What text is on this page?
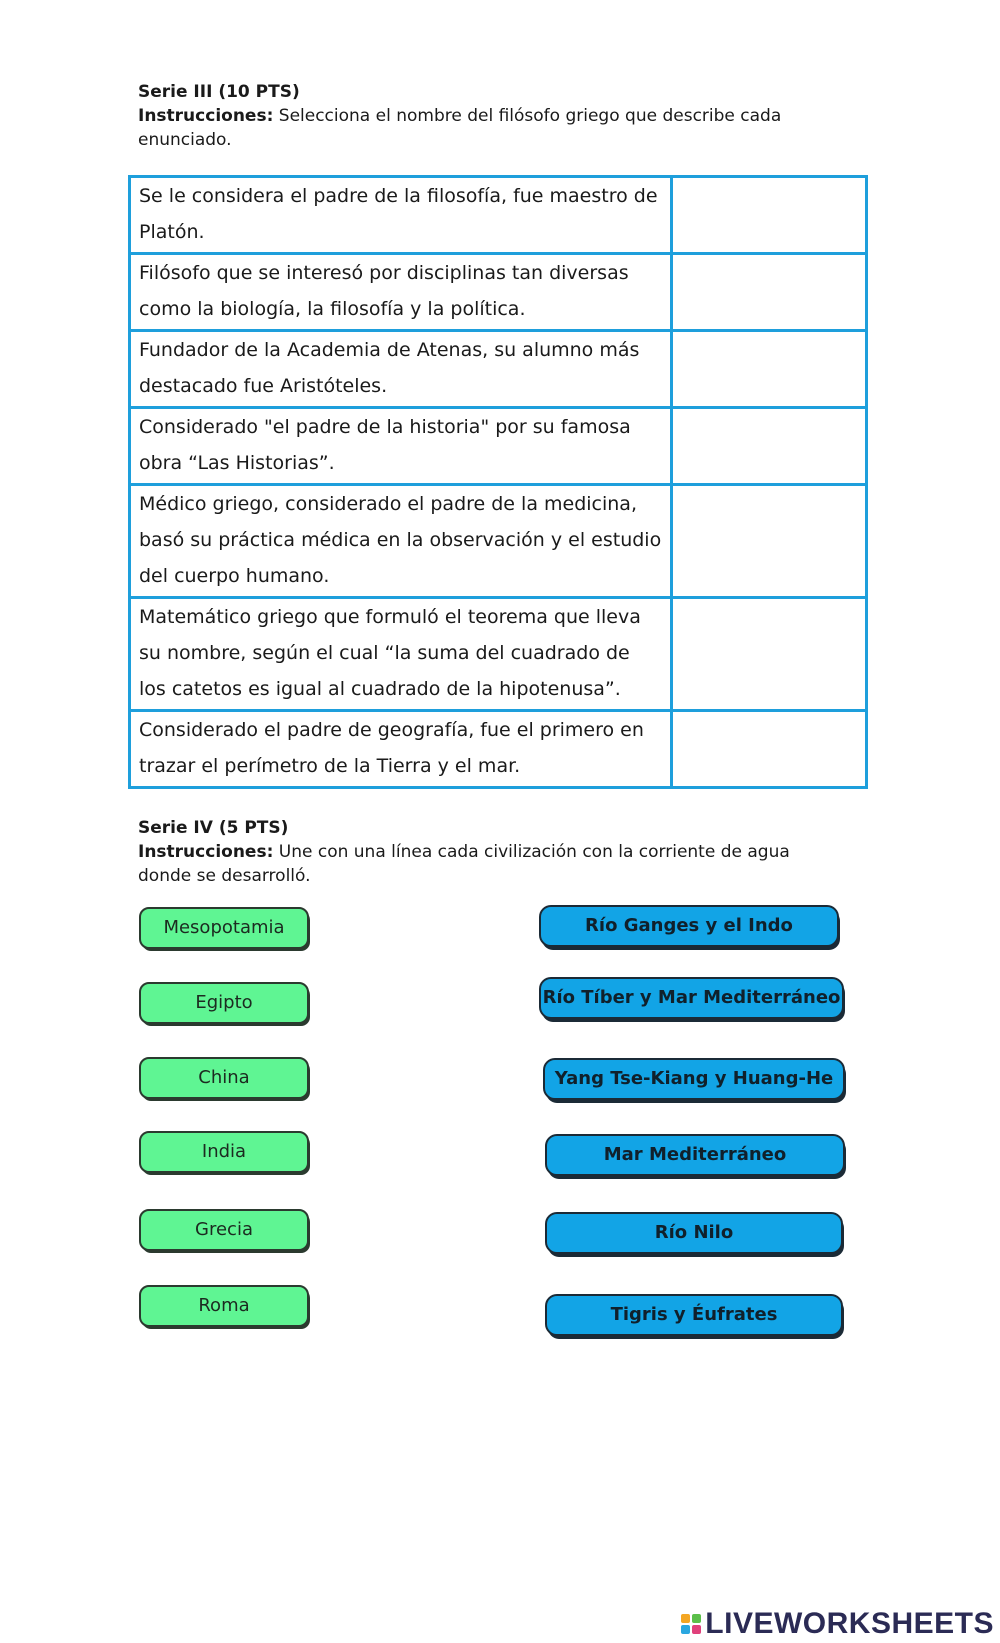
Serie III (10 PTS)
Instrucciones: Selecciona el nombre del filósofo griego que describe cada enunciado.
Se le considera el padre de la filosofía, fue maestro de Platón.	
Filósofo que se interesó por disciplinas tan diversas como la biología, la filosofía y la política.	
Fundador de la Academia de Atenas, su alumno más destacado fue Aristóteles.	
Considerado "el padre de la historia" por su famosa obra “Las Historias”.	
Médico griego, considerado el padre de la medicina, basó su práctica médica en la observación y el estudio del cuerpo humano.	
Matemático griego que formuló el teorema que lleva su nombre, según el cual “la suma del cuadrado de los catetos es igual al cuadrado de la hipotenusa”.	
Considerado el padre de geografía, fue el primero en trazar el perímetro de la Tierra y el mar.	
Serie IV (5 PTS)
Instrucciones: Une con una línea cada civilización con la corriente de agua donde se desarrolló.
Mesopotamia
Egipto
China
India
Grecia
Roma
Río Ganges y el Indo
Río Tíber y Mar Mediterráneo
Yang Tse-Kiang y Huang-He
Mar Mediterráneo
Río Nilo
Tigris y Éufrates
LIVEWORKSHEETS
